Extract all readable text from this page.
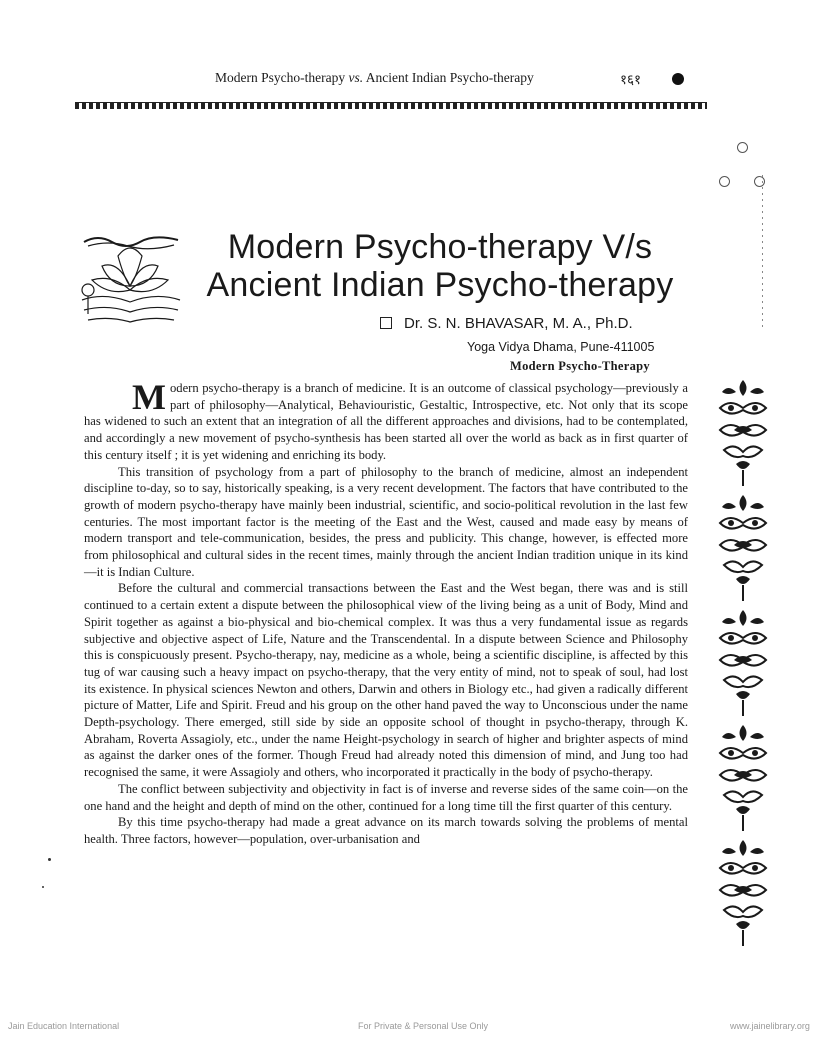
Modern Psycho-therapy vs. Ancient Indian Psycho-therapy	१६१
Modern Psycho-therapy V/s
Ancient Indian Psycho-therapy
Dr. S. N. BHAVASAR, M. A., Ph.D.
Yoga Vidya Dhama, Pune-411005
Modern Psycho-Therapy

Modern psycho-therapy is a branch of medicine. It is an outcome of classical psychology—previously a part of philosophy—Analytical, Behaviouristic, Gestaltic, Introspective, etc. Not only that its scope has widened to such an extent that an integration of all the different approaches and divisions, had to be contemplated, and accordingly a new movement of psycho-synthesis has been started all over the world as back as in first quarter of this century itself ; it is yet widening and enriching its body.

This transition of psychology from a part of philosophy to the branch of medicine, almost an independent discipline to-day, so to say, historically speaking, is a very recent development. The factors that have contributed to the growth of modern psycho-therapy have mainly been industrial, scientific, and socio-political revolution in the last few centuries. The most important factor is the meeting of the East and the West, caused and made easy by means of modern transport and tele-communication, besides, the press and publicity. This change, however, is effected more from philosophical and cultural sides in the recent times, mainly through the ancient Indian tradition unique in its kind—it is Indian Culture.

Before the cultural and commercial transactions between the East and the West began, there was and is still continued to a certain extent a dispute between the philosophical view of the living being as a unit of Body, Mind and Spirit together as against a bio-physical and bio-chemical complex. It was thus a very fundamental issue as regards subjective and objective aspect of Life, Nature and the Transcendental. In a dispute between Science and Philosophy this is conspicuously present. Psycho-therapy, nay, medicine as a whole, being a scientific discipline, is affected by this tug of war causing such a heavy impact on psycho-therapy, that the very entity of mind, not to speak of soul, had lost its existence. In physical sciences Newton and others, Darwin and others in Biology etc., had given a radically different picture of Matter, Life and Spirit. Freud and his group on the other hand paved the way to Unconscious under the name Depth-psychology. There emerged, still side by side an opposite school of thought in psycho-therapy, through K. Abraham, Roverta Assagioly, etc., under the name Height-psychology in search of higher and brighter aspects of mind as against the darker ones of the former. Though Freud had already noted this dimension of mind, and Jung too had recognised the same, it were Assagioly and others, who incorporated it practically in the body of psycho-therapy.

The conflict between subjectivity and objectivity in fact is of inverse and reverse sides of the same coin—on the one hand and the height and depth of mind on the other, continued for a long time till the first quarter of this century.

By this time psycho-therapy had made a great advance on its march towards solving the problems of mental health. Three factors, however—population, over-urbanisation and

Jain Education International	For Private & Personal Use Only	www.jainelibrary.org
